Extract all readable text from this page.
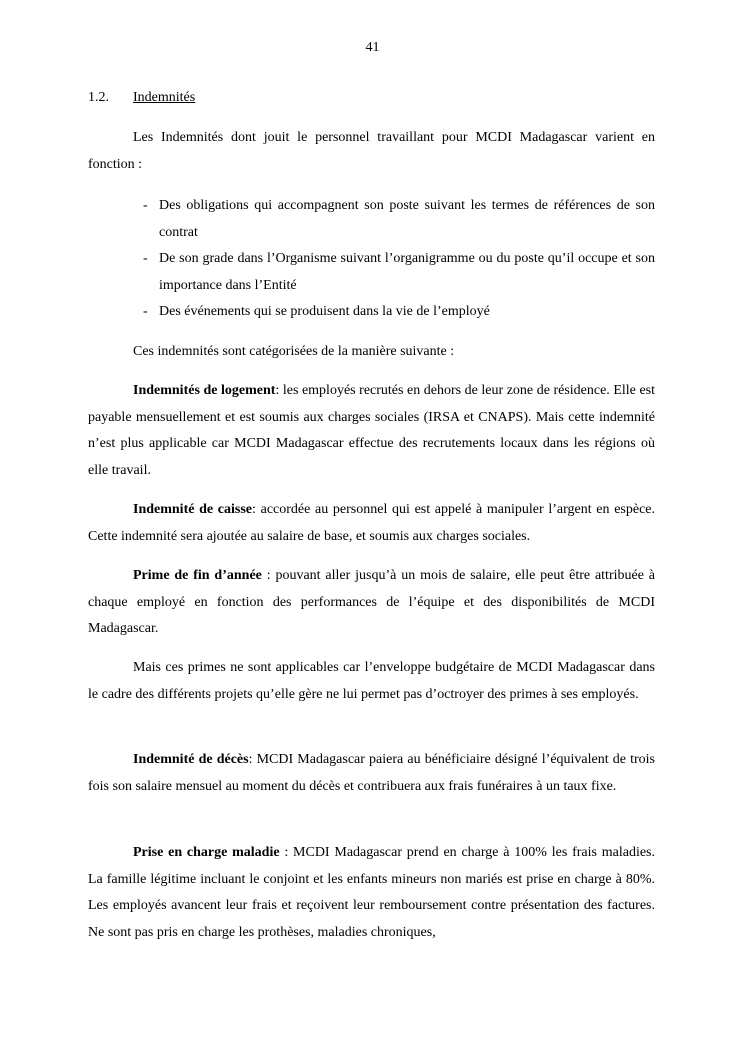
41
1.2. Indemnités

Les Indemnités dont jouit le personnel travaillant pour MCDI Madagascar varient en fonction :

- Des obligations qui accompagnent son poste suivant les termes de références de son contrat
- De son grade dans l’Organisme suivant l’organigramme ou du poste qu’il occupe et son importance dans l’Entité
- Des événements qui se produisent dans la vie de l’employé

Ces indemnités sont catégorisées de la manière suivante :

Indemnités de logement: les employés recrutés en dehors de leur zone de résidence. Elle est payable mensuellement et est soumis aux charges sociales (IRSA et CNAPS). Mais cette indemnité n’est plus applicable car MCDI Madagascar effectue des recrutements locaux dans les régions où elle travail.

Indemnité de caisse: accordée au personnel qui est appelé à manipuler l’argent en espèce. Cette indemnité sera ajoutée au salaire de base, et soumis aux charges sociales.

Prime de fin d’année : pouvant aller jusqu’à un mois de salaire, elle peut être attribuée à chaque employé en fonction des performances de l’équipe et des disponibilités de MCDI Madagascar.

Mais ces primes ne sont applicables car l’enveloppe budgétaire de MCDI Madagascar dans le cadre des différents projets qu’elle gère ne lui permet pas d’octroyer des primes à ses employés.

Indemnité de décès: MCDI Madagascar paiera au bénéficiaire désigné l’équivalent de trois fois son salaire mensuel au moment du décès et contribuera aux frais funéraires à un taux fixe.

Prise en charge maladie : MCDI Madagascar prend en charge à 100% les frais maladies. La famille légitime incluant le conjoint et les enfants mineurs non mariés est prise en charge à 80%. Les employés avancent leur frais et reçoivent leur remboursement contre présentation des factures. Ne sont pas pris en charge les prothèses, maladies chroniques,
